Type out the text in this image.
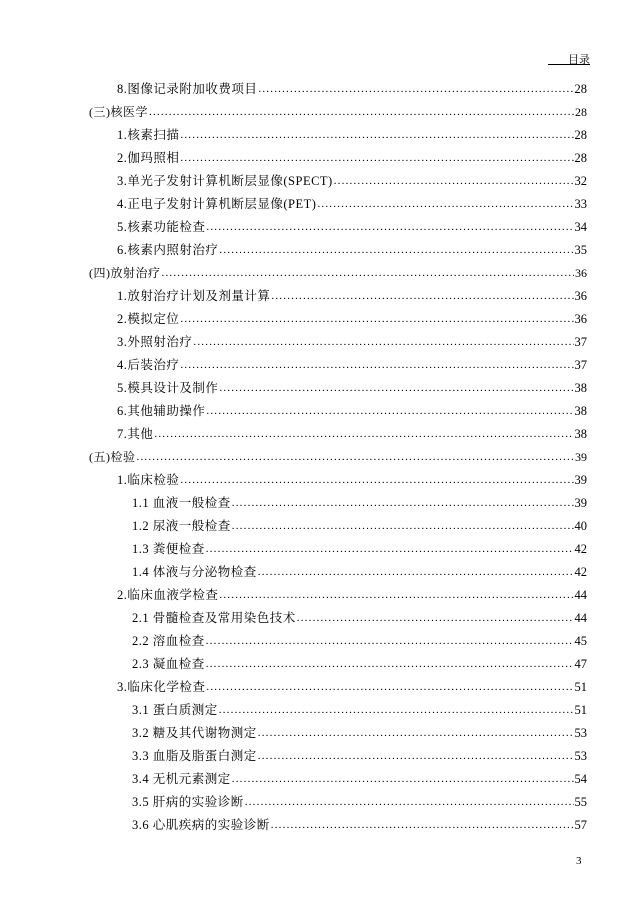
目录
8.图像记录附加收费项目 .....	28
(三)核医学 .....	28
1.核素扫描 .....	28
2.伽玛照相 .....	28
3.单光子发射计算机断层显像(SPECT) .....	32
4.正电子发射计算机断层显像(PET) .....	33
5.核素功能检查 .....	34
6.核素内照射治疗 .....	35
(四)放射治疗 .....	36
1.放射治疗计划及剂量计算 .....	36
2.模拟定位 .....	36
3.外照射治疗 .....	37
4.后装治疗 .....	37
5.模具设计及制作 .....	38
6.其他辅助操作 .....	38
7.其他 .....	38
(五)检验 .....	39
1.临床检验 .....	39
1.1 血液一般检查 .....	39
1.2 尿液一般检查 .....	40
1.3 粪便检查 .....	42
1.4 体液与分泌物检查 .....	42
2.临床血液学检查 .....	44
2.1 骨髓检查及常用染色技术 .....	44
2.2 溶血检查 .....	45
2.3 凝血检查 .....	47
3.临床化学检查 .....	51
3.1 蛋白质测定 .....	51
3.2 糖及其代谢物测定 .....	53
3.3 血脂及脂蛋白测定 .....	53
3.4 无机元素测定 .....	54
3.5 肝病的实验诊断 .....	55
3.6 心肌疾病的实验诊断 .....	57
3
